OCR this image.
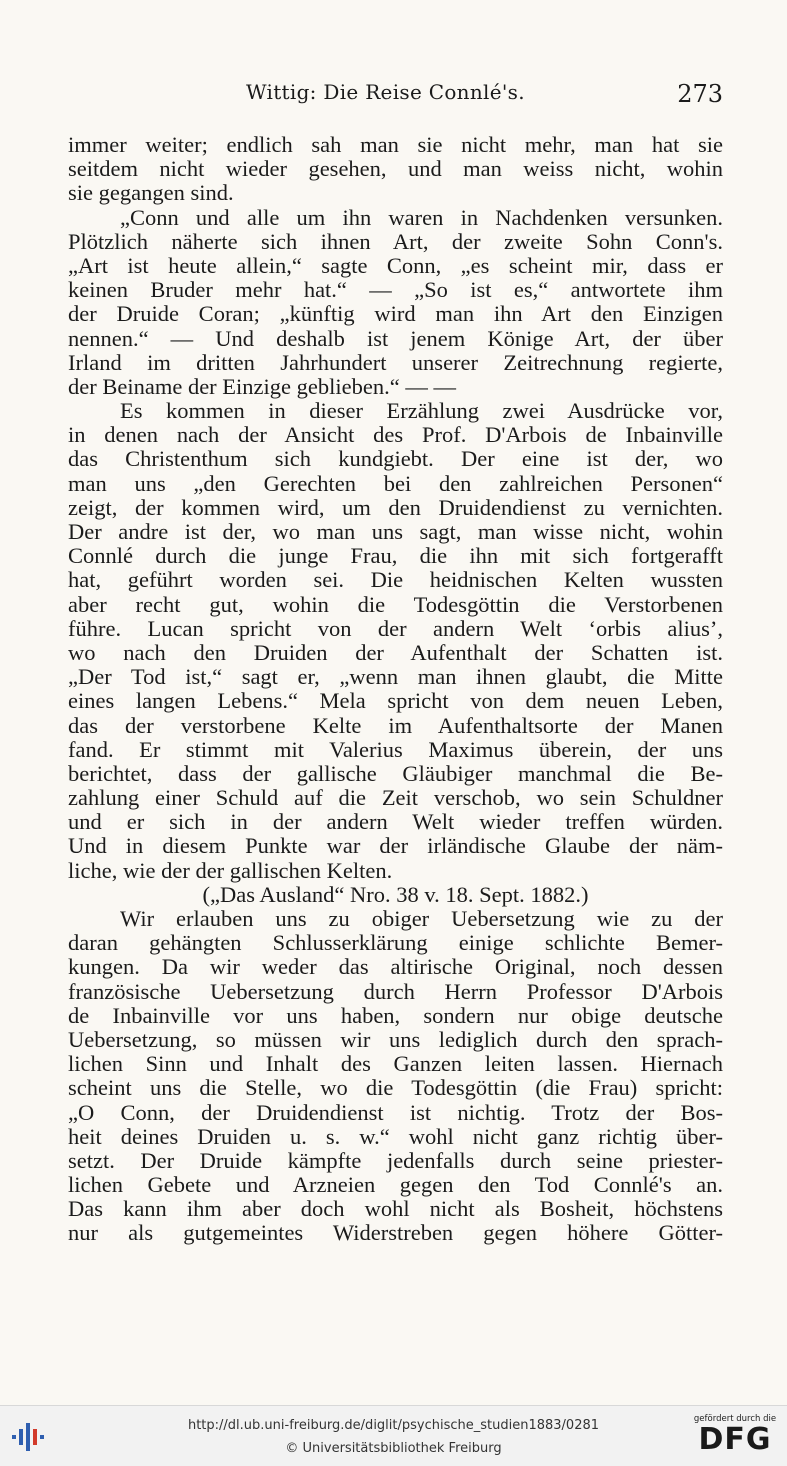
Wittig: Die Reise Connlé's.	273
immer weiter; endlich sah man sie nicht mehr, man hat sie
seitdem nicht wieder gesehen, und man weiss nicht, wohin
sie gegangen sind.
„Conn und alle um ihn waren in Nachdenken versunken.
Plötzlich näherte sich ihnen Art, der zweite Sohn Conn's.
„Art ist heute allein,“ sagte Conn, „es scheint mir, dass er
keinen Bruder mehr hat.“ — „So ist es,“ antwortete ihm
der Druide Coran; „künftig wird man ihn Art den Einzigen
nennen.“ — Und deshalb ist jenem Könige Art, der über
Irland im dritten Jahrhundert unserer Zeitrechnung regierte,
der Beiname der Einzige geblieben.“ — —
Es kommen in dieser Erzählung zwei Ausdrücke vor,
in denen nach der Ansicht des Prof. D'Arbois de Inbainville
das Christenthum sich kundgiebt. Der eine ist der, wo
man uns „den Gerechten bei den zahlreichen Personen“
zeigt, der kommen wird, um den Druidendienst zu vernichten.
Der andre ist der, wo man uns sagt, man wisse nicht, wohin
Connlé durch die junge Frau, die ihn mit sich fortgerafft
hat, geführt worden sei. Die heidnischen Kelten wussten
aber recht gut, wohin die Todesgöttin die Verstorbenen
führe. Lucan spricht von der andern Welt ‘orbis alius’,
wo nach den Druiden der Aufenthalt der Schatten ist.
„Der Tod ist,“ sagt er, „wenn man ihnen glaubt, die Mitte
eines langen Lebens.“ Mela spricht von dem neuen Leben,
das der verstorbene Kelte im Aufenthaltsorte der Manen
fand. Er stimmt mit Valerius Maximus überein, der uns
berichtet, dass der gallische Gläubiger manchmal die Be-
zahlung einer Schuld auf die Zeit verschob, wo sein Schuldner
und er sich in der andern Welt wieder treffen würden.
Und in diesem Punkte war der irländische Glaube der näm-
liche, wie der der gallischen Kelten.
(„Das Ausland“ Nro. 38 v. 18. Sept. 1882.)
Wir erlauben uns zu obiger Uebersetzung wie zu der
daran gehängten Schlusserklärung einige schlichte Bemer-
kungen. Da wir weder das altirische Original, noch dessen
französische Uebersetzung durch Herrn Professor D'Arbois
de Inbainville vor uns haben, sondern nur obige deutsche
Uebersetzung, so müssen wir uns lediglich durch den sprach-
lichen Sinn und Inhalt des Ganzen leiten lassen. Hiernach
scheint uns die Stelle, wo die Todesgöttin (die Frau) spricht:
„O Conn, der Druidendienst ist nichtig. Trotz der Bos-
heit deines Druiden u. s. w.“ wohl nicht ganz richtig über-
setzt. Der Druide kämpfte jedenfalls durch seine priester-
lichen Gebete und Arzneien gegen den Tod Connlé's an.
Das kann ihm aber doch wohl nicht als Bosheit, höchstens
nur als gutgemeintes Widerstreben gegen höhere Götter-
http://dl.ub.uni-freiburg.de/diglit/psychische_studien1883/0281
© Universitätsbibliothek Freiburg
gefördert durch die
DFG
